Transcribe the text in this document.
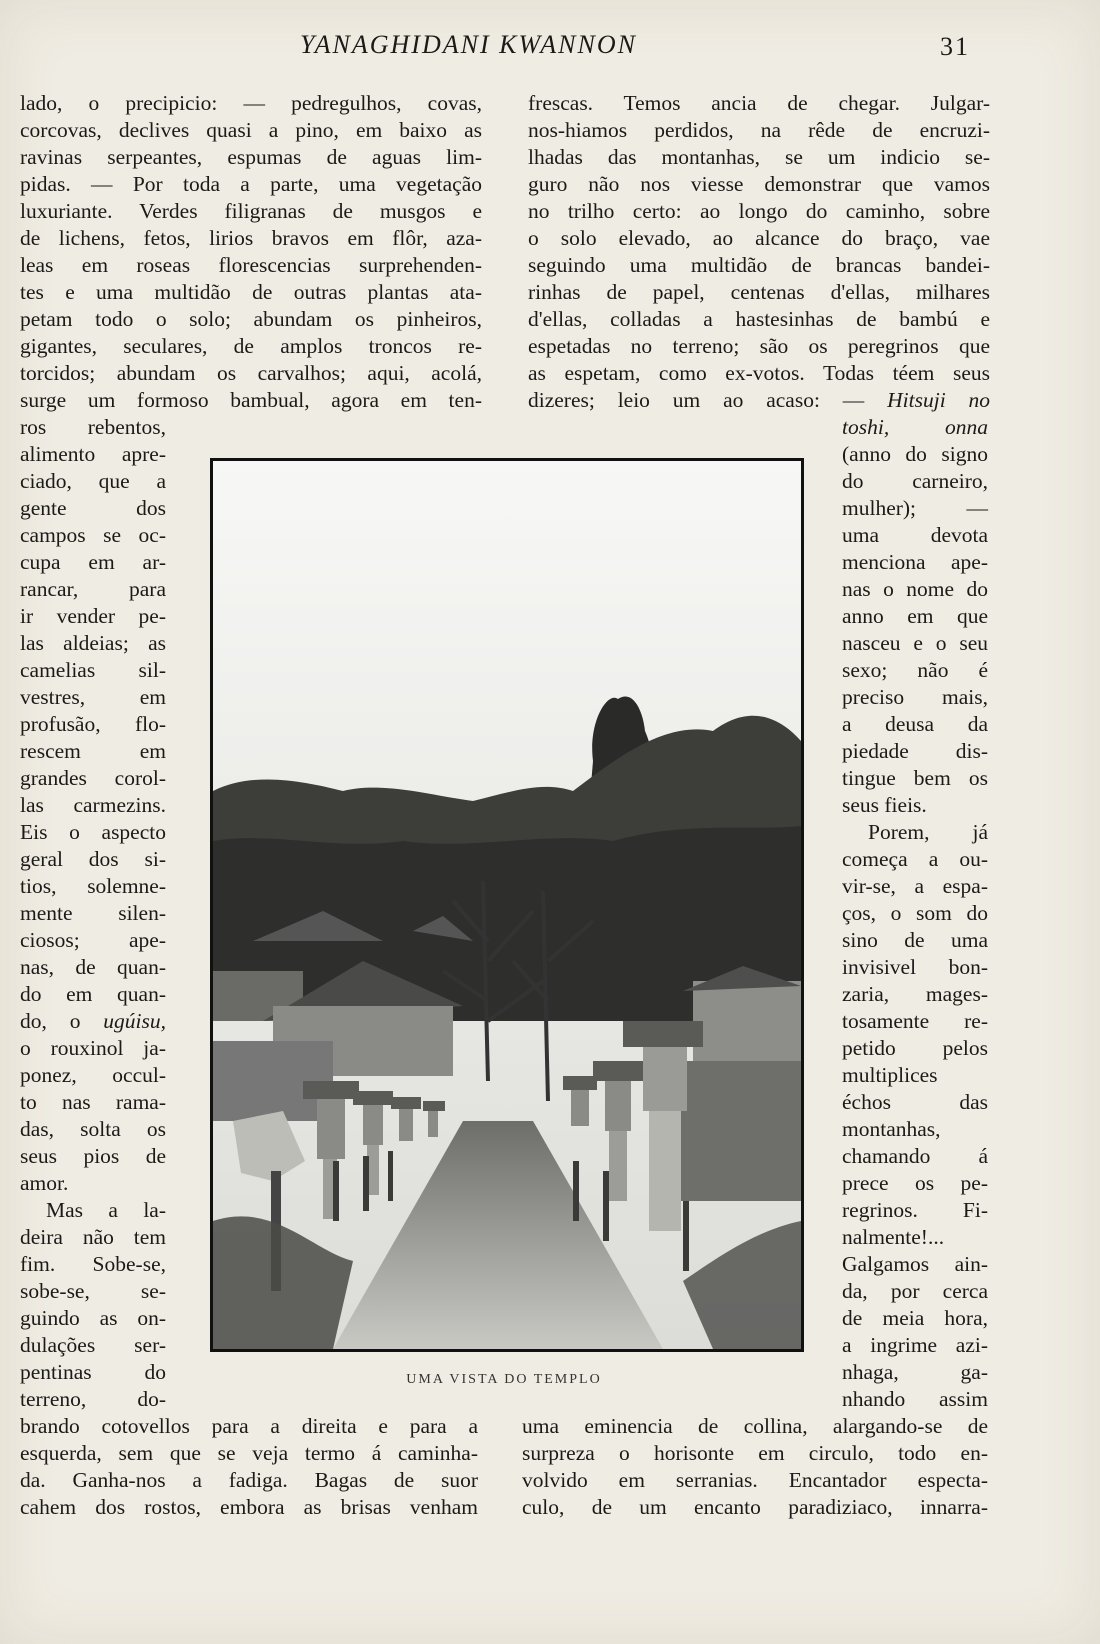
YANAGHIDANI KWANNON	31
lado, o precipicio: — pedregulhos, covas,
corcovas, declives quasi a pino, em baixo as
ravinas serpeantes, espumas de aguas lim-
pidas. — Por toda a parte, uma vegetação
luxuriante. Verdes filigranas de musgos e
de lichens, fetos, lirios bravos em flôr, aza-
leas em roseas florescencias surprehenden-
tes e uma multidão de outras plantas ata-
petam todo o solo; abundam os pinheiros,
gigantes, seculares, de amplos troncos re-
torcidos; abundam os carvalhos; aqui, acolá,
surge um formoso bambual, agora em ten-
ros rebentos,
alimento apre-
ciado, que a
gente dos
campos se oc-
cupa em ar-
rancar, para
ir vender pe-
las aldeias; as
camelias sil-
vestres, em
profusão, flo-
rescem em
grandes corol-
las carmezins.
Eis o aspecto
geral dos si-
tios, solemne-
mente silen-
ciosos; ape-
nas, de quan-
do em quan-
do, o ugúisu,
o rouxinol ja-
ponez, occul-
to nas rama-
das, solta os
seus pios de
amor.
Mas a la-
deira não tem
fim. Sobe-se,
sobe-se, se-
guindo as on-
dulações ser-
pentinas do
terreno, do-
brando cotovellos para a direita e para a
esquerda, sem que se veja termo á caminha-
da. Ganha-nos a fadiga. Bagas de suor
cahem dos rostos, embora as brisas venham
frescas. Temos ancia de chegar. Julgar-
nos-hiamos perdidos, na rêde de encruzi-
lhadas das montanhas, se um indicio se-
guro não nos viesse demonstrar que vamos
no trilho certo: ao longo do caminho, sobre
o solo elevado, ao alcance do braço, vae
seguindo uma multidão de brancas bandei-
rinhas de papel, centenas d'ellas, milhares
d'ellas, colladas a hastesinhas de bambú e
espetadas no terreno; são os peregrinos que
as espetam, como ex-votos. Todas téem seus
dizeres; leio um ao acaso: — Hitsuji no
toshi, onna
(anno do signo
do carneiro,
mulher); —
uma devota
menciona ape-
nas o nome do
anno em que
nasceu e o seu
sexo; não é
preciso mais,
a deusa da
piedade dis-
tingue bem os
seus fieis.
Porem, já
começa a ou-
vir-se, a espa-
ços, o som do
sino de uma
invisivel bon-
zaria, mages-
tosamente re-
petido pelos
multiplices
échos das
montanhas,
chamando á
prece os pe-
regrinos. Fi-
nalmente!...
Galgamos ain-
da, por cerca
de meia hora,
a ingrime azi-
nhaga, ga-
nhando assim
uma eminencia de collina, alargando-se de
surpreza o horisonte em circulo, todo en-
volvido em serranias. Encantador especta-
culo, de um encanto paradiziaco, innarra-
UMA VISTA DO TEMPLO
